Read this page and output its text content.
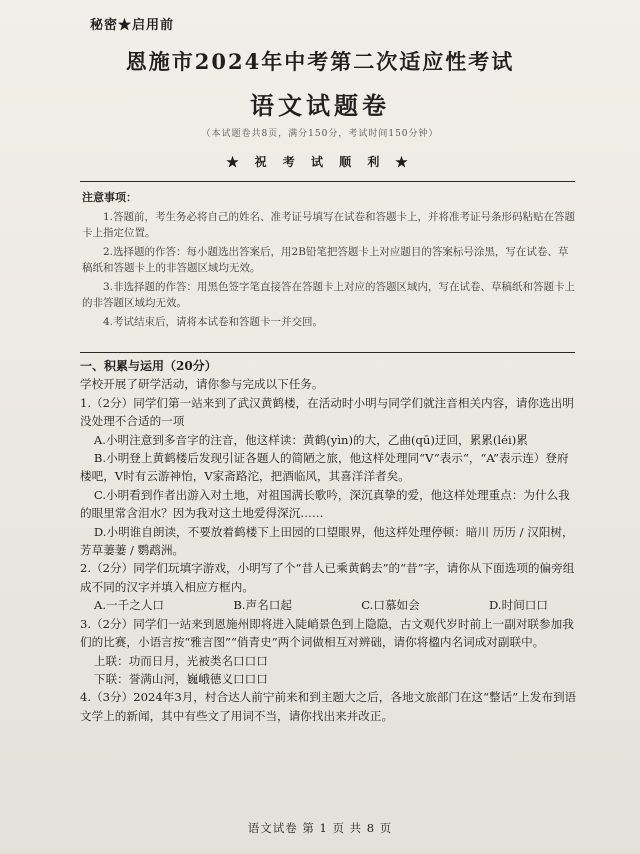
秘密★启用前
恩施市2024年中考第二次适应性考试
语文试题卷
（本试题卷共8页，满分150分，考试时间150分钟）
★ 祝 考 试 顺 利 ★
注意事项：
1.答题前，考生务必将自己的姓名、准考证号填写在试卷和答题卡上，并将准考证号条形码粘贴在答题卡上指定位置。
2.选择题的作答：每小题选出答案后，用2B铅笔把答题卡上对应题目的答案标号涂黑，写在试卷、草稿纸和答题卡上的非答题区域均无效。
3.非选择题的作答：用黑色签字笔直接答在答题卡上对应的答题区域内，写在试卷、草稿纸和答题卡上的非答题区域均无效。
4.考试结束后，请将本试卷和答题卡一并交回。

一、积累与运用（20分）

学校开展了研学活动，请你参与完成以下任务。

1.（2分）同学们第一站来到了武汉黄鹤楼，在活动时小明与同学们就注音相关内容，请你选出明没处理不合适的一项

A.小明注意到多音字的注音，他这样读：黄鹤(yìn)的大，乙曲(qū)迂回，累累(léi)累

B.小明登上黄鹤楼后发现引证各题人的简陋之旅，他这样处理同“V”表示“，“A”表示连）登府楼吧，V时有云游神怡，V家斋路沱，把酒临风，其喜洋洋者矣。

C.小明看到作者出游入对土地，对祖国满长歌吟，深沉真挚的爱，他这样处理重点：为什么我的眼里常含泪水？因为我对这土地爱得深沉……

D.小明谁自朗读，不要放着鹤楼下上田园的口望眼界，他这样处理停顿：暗川 历历 / 汉阳树，芳草萋萋 / 鹦鹉洲。

2.（2分）同学们玩填字游戏，小明写了个“昔人已乘黄鹤去”的“昔”字，请你从下面选项的偏旁组成不同的汉字并填入相应方框内。

A.一千之人口	B.声名口起	C.口慕如会	D.时间口口

3.（2分）同学们一站来到恩施州即将进入陡峭景色到上隐隐，古文观代岁时前上一副对联参加我们的比赛，小语言按“雅言图”“俏青史”两个词做相互对辨础，请你将楹内名词成对副联中。

上联：功而日月，光被类名口口口

下联：誉满山河，巍峨德义口口口

4.（3分）2024年3月，村合达人前宁前来和到主题大之后，各地文旅部门在这“整话”上发布到语文学上的新闻，其中有些文了用词不当，请你找出来并改正。

语文试卷 第 1 页 共 8 页
